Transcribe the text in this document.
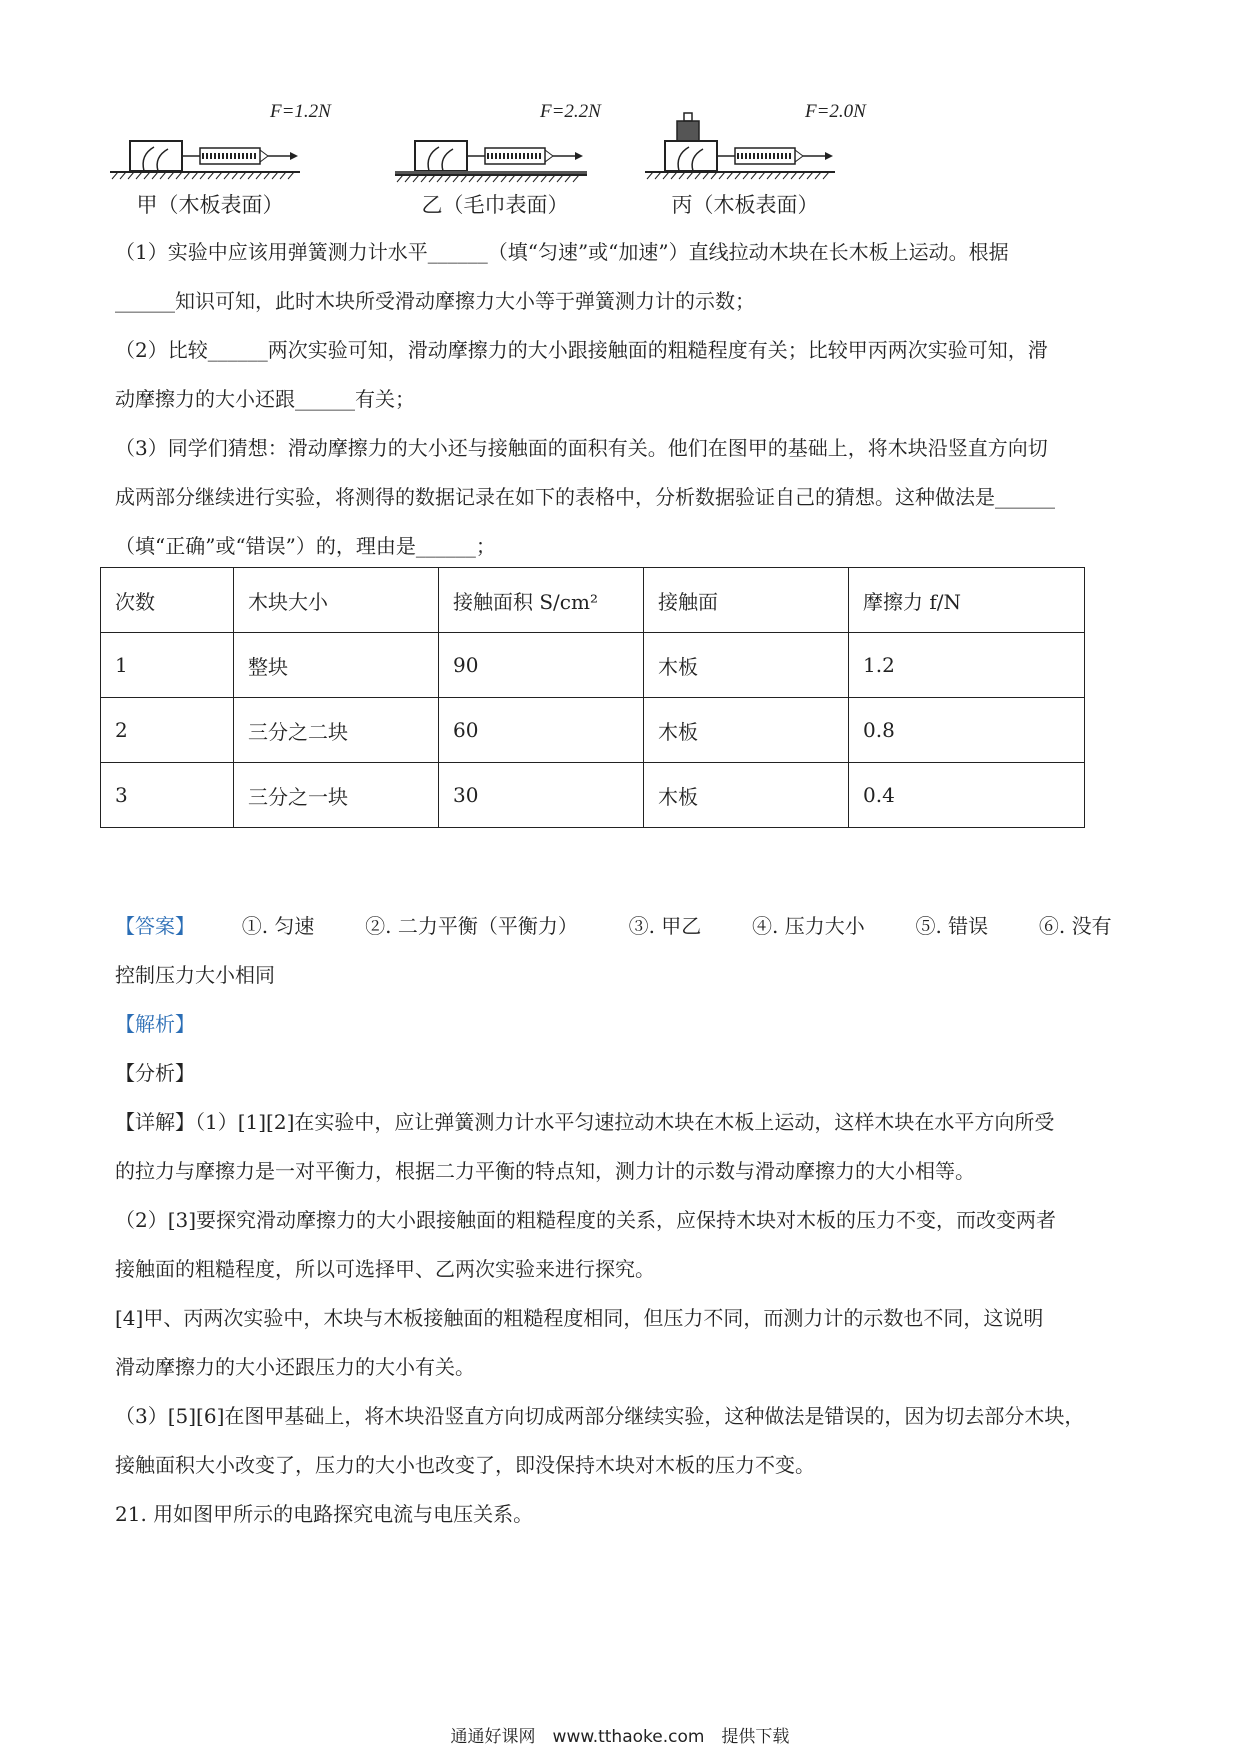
F=1.2N
甲（木板表面）
F=2.2N
乙（毛巾表面）
F=2.0N
丙（木板表面）
（1）实验中应该用弹簧测力计水平______（填“匀速”或“加速”）直线拉动木块在长木板上运动。根据
______知识可知，此时木块所受滑动摩擦力大小等于弹簧测力计的示数；
（2）比较______两次实验可知，滑动摩擦力的大小跟接触面的粗糙程度有关；比较甲丙两次实验可知，滑
动摩擦力的大小还跟______有关；
（3）同学们猜想：滑动摩擦力的大小还与接触面的面积有关。他们在图甲的基础上，将木块沿竖直方向切
成两部分继续进行实验，将测得的数据记录在如下的表格中，分析数据验证自己的猜想。这种做法是______
（填“正确”或“错误”）的，理由是______；
次数	木块大小	接触面积 S/cm²	接触面	摩擦力 f/N
1	整块	90	木板	1.2
2	三分之二块	60	木板	0.8
3	三分之一块	30	木板	0.4
【答案】 ①. 匀速	②. 二力平衡（平衡力）	③. 甲乙	④. 压力大小	⑤. 错误	⑥. 没有
控制压力大小相同
【解析】
【分析】
【详解】（1）[1][2]在实验中，应让弹簧测力计水平匀速拉动木块在木板上运动，这样木块在水平方向所受
的拉力与摩擦力是一对平衡力，根据二力平衡的特点知，测力计的示数与滑动摩擦力的大小相等。
（2）[3]要探究滑动摩擦力的大小跟接触面的粗糙程度的关系，应保持木块对木板的压力不变，而改变两者
接触面的粗糙程度，所以可选择甲、乙两次实验来进行探究。
[4]甲、丙两次实验中，木块与木板接触面的粗糙程度相同，但压力不同，而测力计的示数也不同，这说明
滑动摩擦力的大小还跟压力的大小有关。
（3）[5][6]在图甲基础上，将木块沿竖直方向切成两部分继续实验，这种做法是错误的，因为切去部分木块，
接触面积大小改变了，压力的大小也改变了，即没保持木块对木板的压力不变。
21. 用如图甲所示的电路探究电流与电压关系。
通通好课网　www.tthaoke.com　提供下载
